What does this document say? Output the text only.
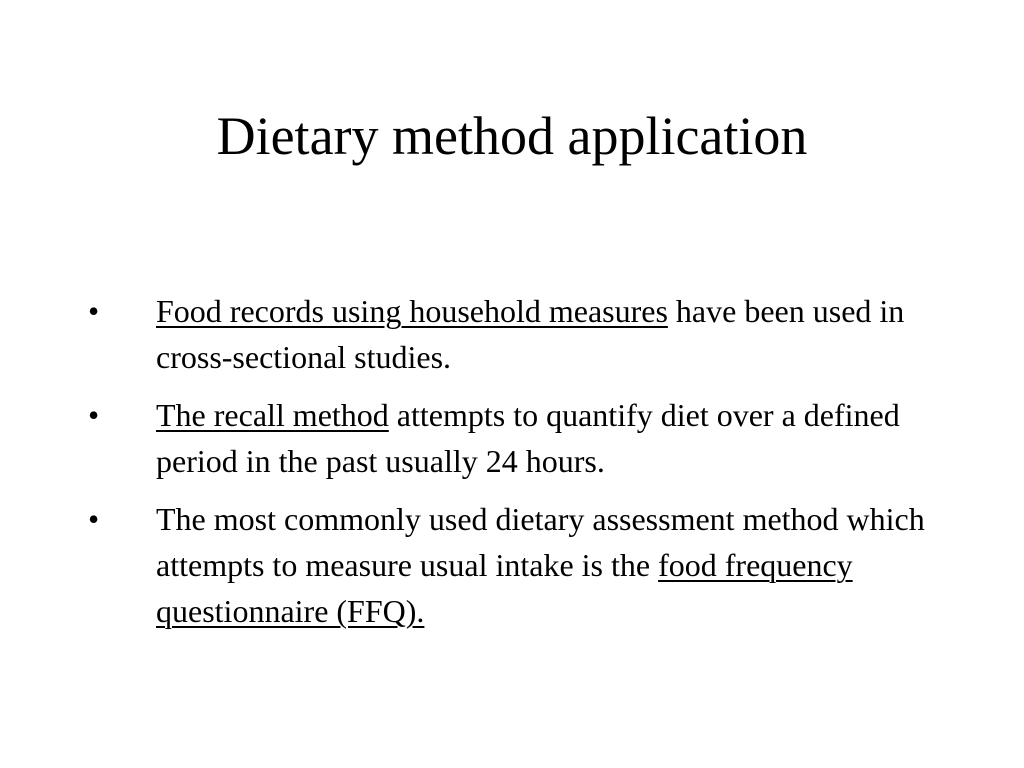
Dietary method application
• Food records using household measures have been used in cross-sectional studies.
• The recall method attempts to quantify diet over a defined period in the past usually 24 hours.
• The most commonly used dietary assessment method which attempts to measure usual intake is the food frequency questionnaire (FFQ).
